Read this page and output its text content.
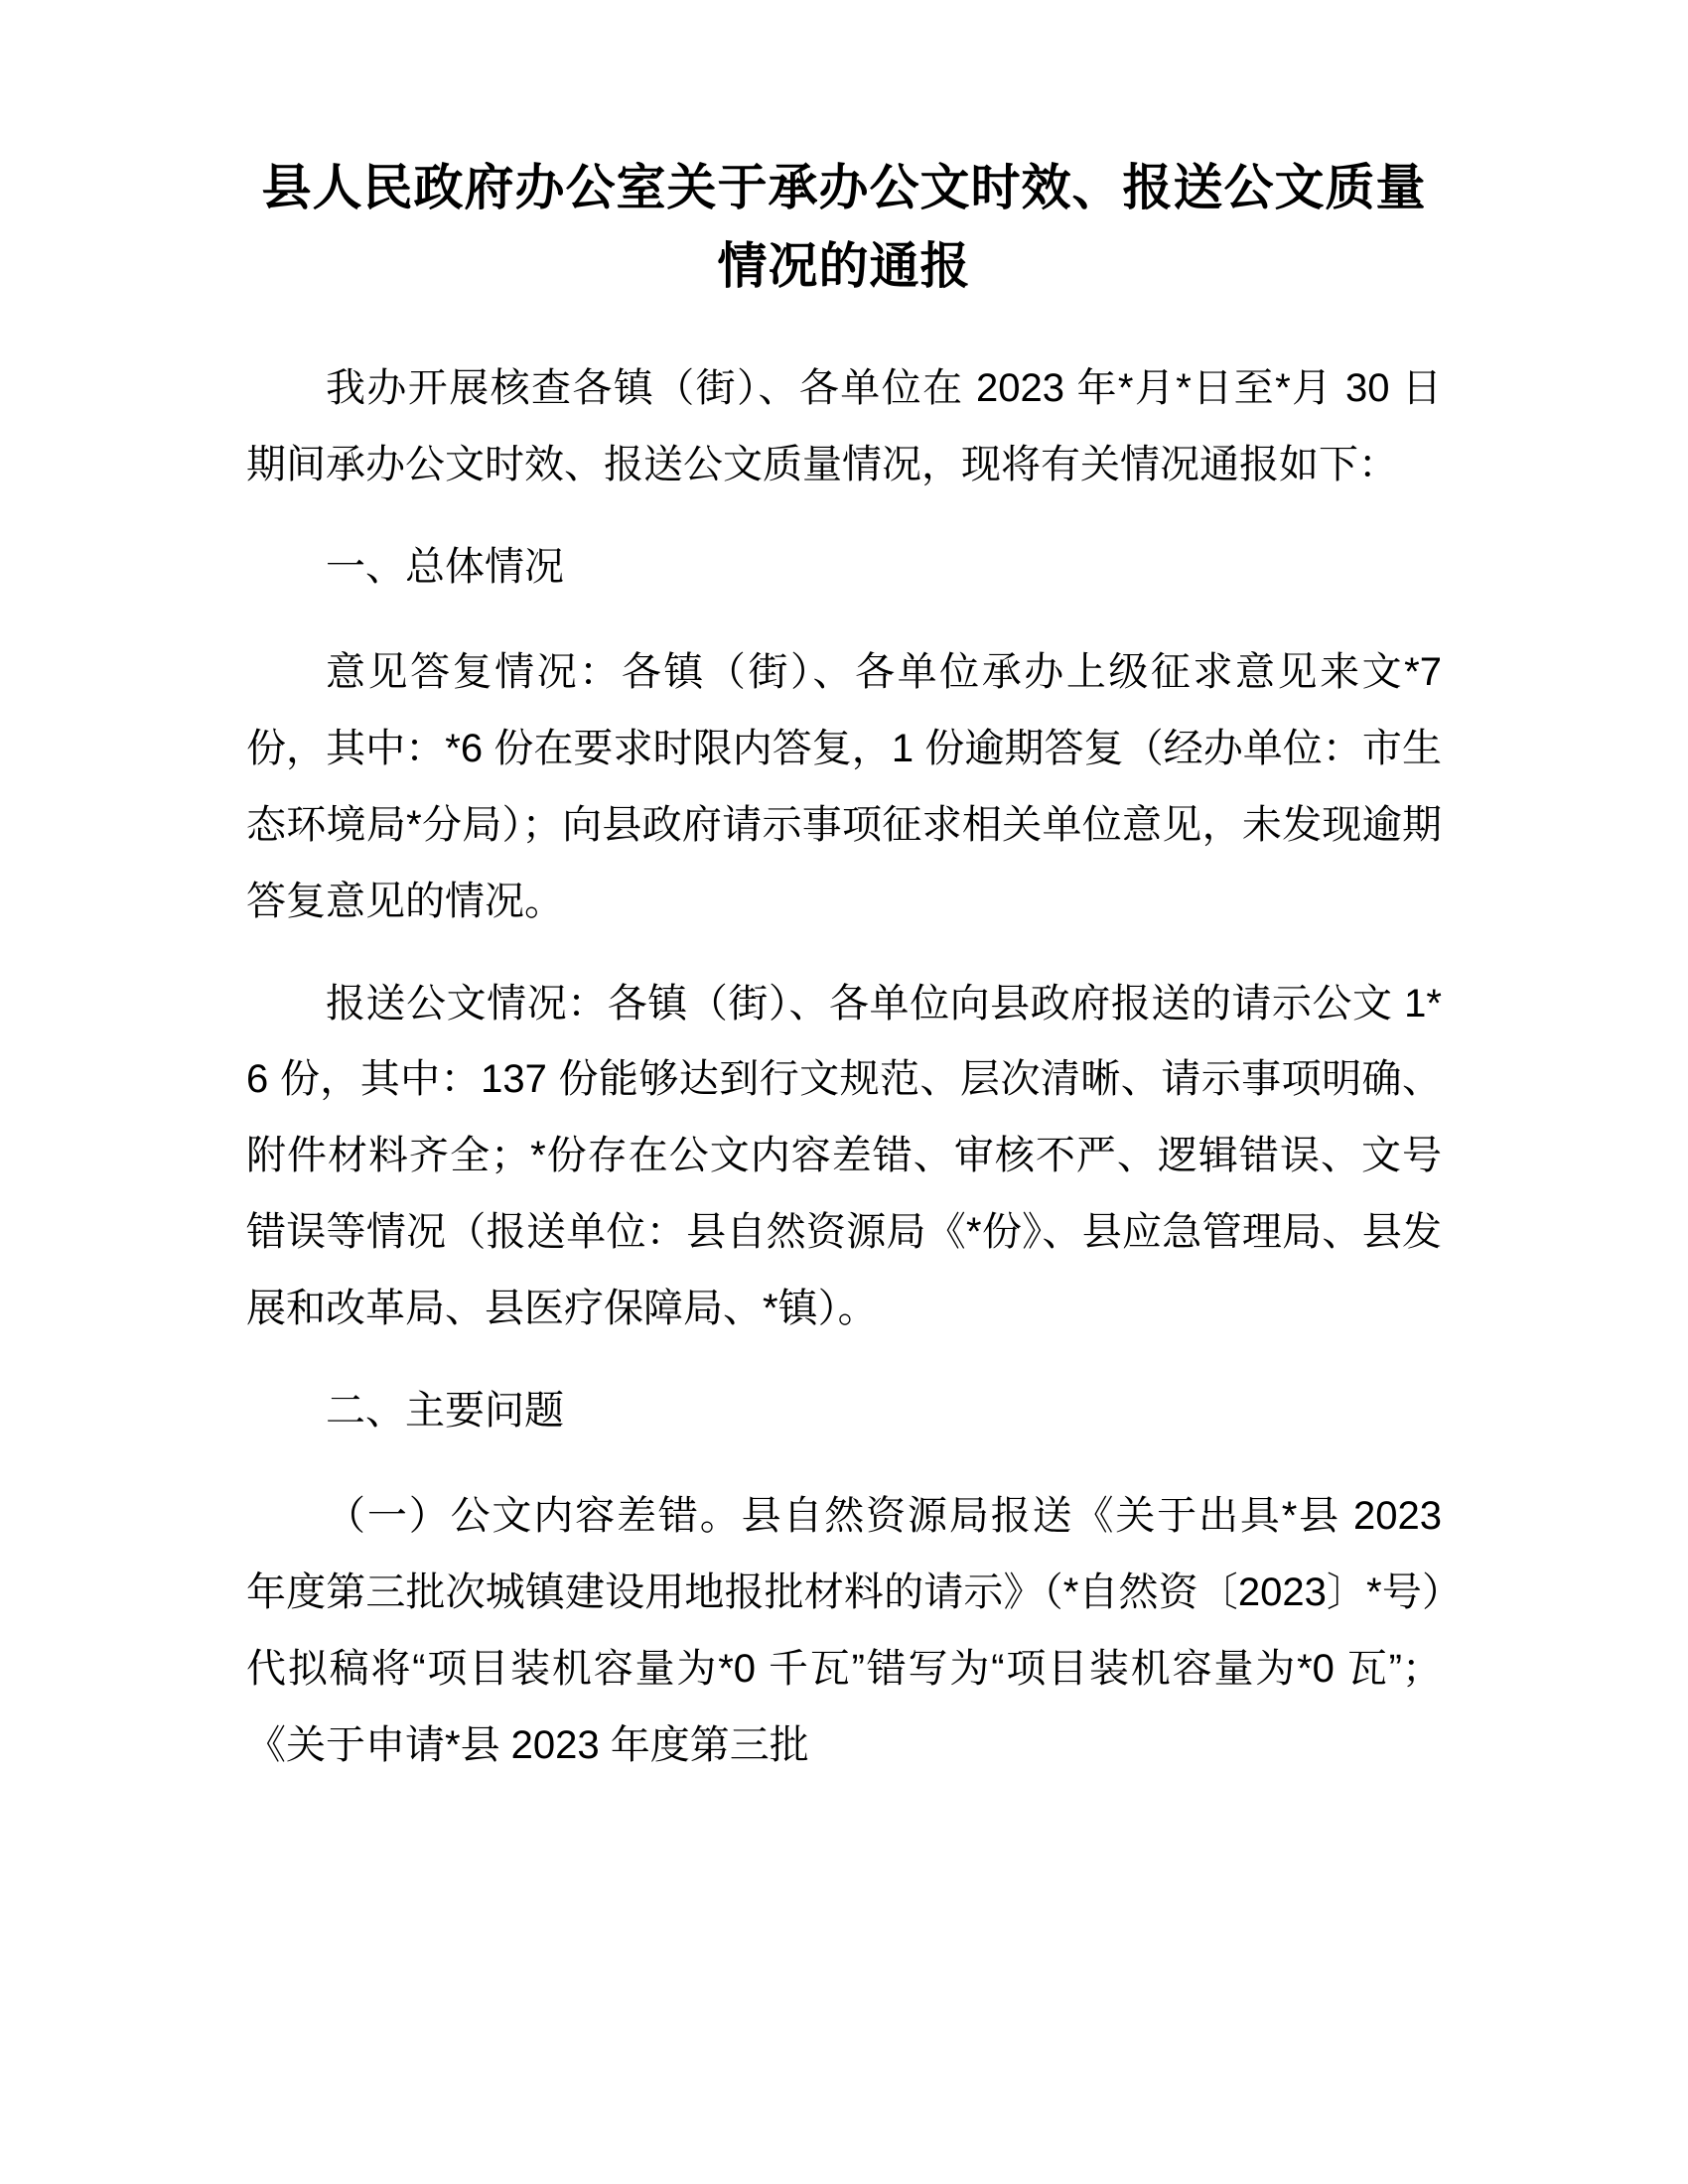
县人民政府办公室关于承办公文时效、报送公文质量情况的通报

我办开展核查各镇（街）、各单位在 2023 年*月*日至*月 30 日期间承办公文时效、报送公文质量情况，现将有关情况通报如下：

一、总体情况

意见答复情况：各镇（街）、各单位承办上级征求意见来文*7 份，其中：*6 份在要求时限内答复，1 份逾期答复（经办单位：市生态环境局*分局）；向县政府请示事项征求相关单位意见，未发现逾期答复意见的情况。

报送公文情况：各镇（街）、各单位向县政府报送的请示公文 1*6 份，其中：137 份能够达到行文规范、层次清晰、请示事项明确、附件材料齐全；*份存在公文内容差错、审核不严、逻辑错误、文号错误等情况（报送单位：县自然资源局《*份》、县应急管理局、县发展和改革局、县医疗保障局、*镇）。

二、主要问题

（一）公文内容差错。县自然资源局报送《关于出具*县 2023 年度第三批次城镇建设用地报批材料的请示》（*自然资〔2023〕*号）代拟稿将“项目装机容量为*0 千瓦”错写为“项目装机容量为*0 瓦”；《关于申请*县 2023 年度第三批
